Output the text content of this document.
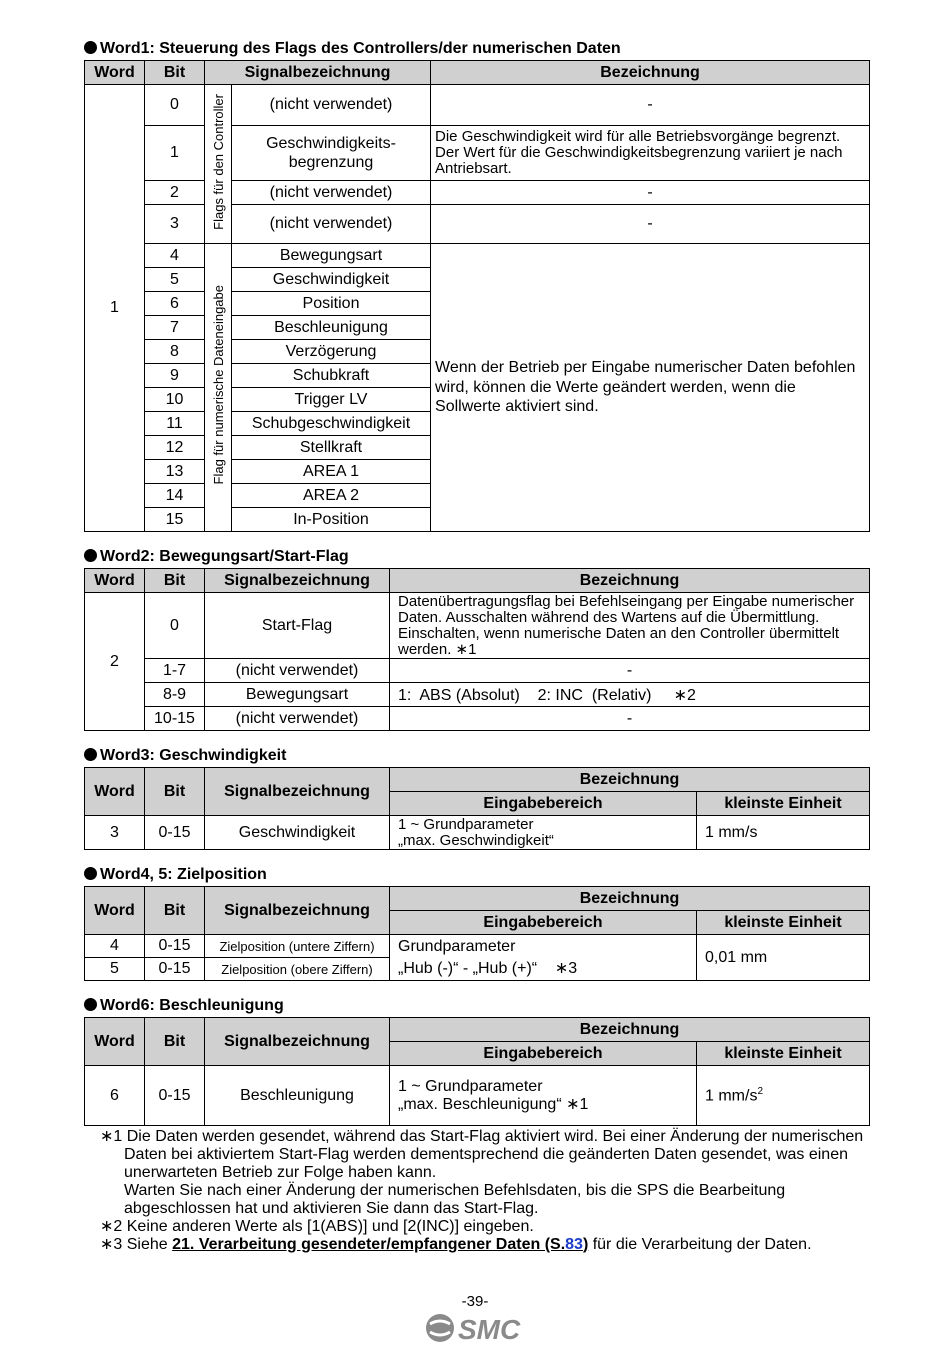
Word1: Steuerung des Flags des Controllers/der numerischen Daten
Word	Bit	Signalbezeichnung		Bezeichnung
1	0	Flags für den Controller	(nicht verwendet)	-
	1		Geschwindigkeits-begrenzung	Die Geschwindigkeit wird für alle Betriebsvorgänge begrenzt. Der Wert für die Geschwindigkeitsbegrenzung variiert je nach Antriebsart.
	2		(nicht verwendet)	-
	3		(nicht verwendet)	-
	4	Flag für numerische Dateneingabe	Bewegungsart	Wenn der Betrieb per Eingabe numerischer Daten befohlen wird, können die Werte geändert werden, wenn die Sollwerte aktiviert sind.
	5		Geschwindigkeit	
	6		Position	
	7		Beschleunigung	
	8		Verzögerung	
	9		Schubkraft	
	10		Trigger LV	
	11		Schubgeschwindigkeit	
	12		Stellkraft	
	13		AREA 1	
	14		AREA 2	
	15		In-Position	
Word2: Bewegungsart/Start-Flag
Word	Bit	Signalbezeichnung	Bezeichnung
2	0	Start-Flag	Datenübertragungsflag bei Befehlseingang per Eingabe numerischer Daten. Ausschalten während des Wartens auf die Übermittlung. Einschalten, wenn numerische Daten an den Controller übermittelt werden. ∗1
	1-7	(nicht verwendet)	-
	8-9	Bewegungsart	1:  ABS (Absolut)    2: INC  (Relativ)     ∗2
	10-15	(nicht verwendet)	-
Word3: Geschwindigkeit
Word	Bit	Signalbezeichnung	Bezeichnung	
			Eingabebereich	kleinste Einheit
3	0-15	Geschwindigkeit	1 ~ Grundparameter
„max. Geschwindigkeit“	1 mm/s
Word4, 5: Zielposition
Word	Bit	Signalbezeichnung	Bezeichnung	
			Eingabebereich	kleinste Einheit
4	0-15	Zielposition (untere Ziffern)	Grundparameter
„Hub (-)“ - „Hub (+)“    ∗3	0,01 mm
5	0-15	Zielposition (obere Ziffern)		
Word6: Beschleunigung
Word	Bit	Signalbezeichnung	Bezeichnung	
			Eingabebereich	kleinste Einheit
6	0-15	Beschleunigung	1 ~ Grundparameter
„max. Beschleunigung“ ∗1	1 $mm/s^2$
∗1 Die Daten werden gesendet, während das Start-Flag aktiviert wird. Bei einer Änderung der numerischen Daten bei aktiviertem Start-Flag werden dementsprechend die geänderten Daten gesendet, was einen unerwarteten Betrieb zur Folge haben kann.
Warten Sie nach einer Änderung der numerischen Befehlsdaten, bis die SPS die Bearbeitung abgeschlossen hat und aktivieren Sie dann das Start-Flag.
∗2 Keine anderen Werte als [1(ABS)] und [2(INC)] eingeben.
∗3 Siehe 21. Verarbeitung gesendeter/empfangener Daten (S.83) für die Verarbeitung der Daten.
-39-
SMC
